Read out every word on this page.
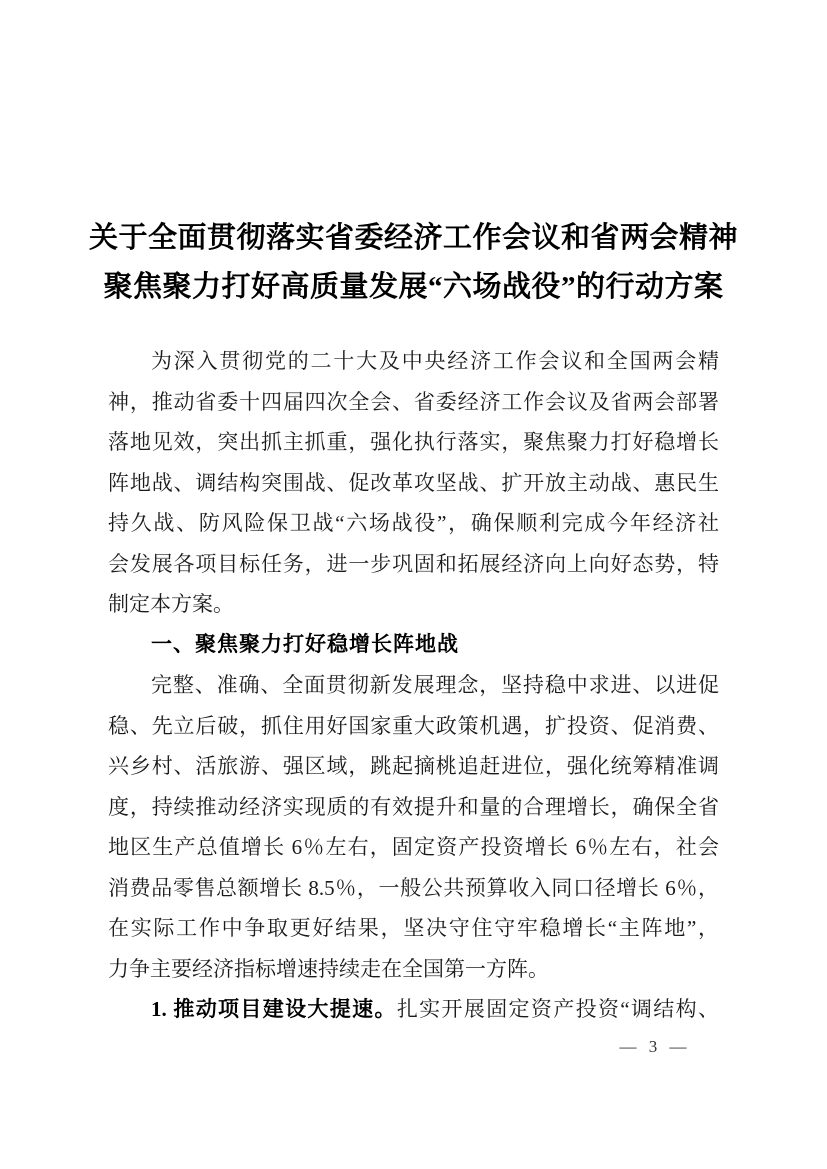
关于全面贯彻落实省委经济工作会议和省两会精神
聚焦聚力打好高质量发展“六场战役”的行动方案
为深入贯彻党的二十大及中央经济工作会议和全国两会精
神，推动省委十四届四次全会、省委经济工作会议及省两会部署
落地见效，突出抓主抓重，强化执行落实，聚焦聚力打好稳增长
阵地战、调结构突围战、促改革攻坚战、扩开放主动战、惠民生
持久战、防风险保卫战“六场战役”，确保顺利完成今年经济社
会发展各项目标任务，进一步巩固和拓展经济向上向好态势，特
制定本方案。
一、聚焦聚力打好稳增长阵地战
完整、准确、全面贯彻新发展理念，坚持稳中求进、以进促
稳、先立后破，抓住用好国家重大政策机遇，扩投资、促消费、
兴乡村、活旅游、强区域，跳起摘桃追赶进位，强化统筹精准调
度，持续推动经济实现质的有效提升和量的合理增长，确保全省
地区生产总值增长 6％左右，固定资产投资增长 6％左右，社会
消费品零售总额增长 8.5％，一般公共预算收入同口径增长 6％，
在实际工作中争取更好结果，坚决守住守牢稳增长“主阵地”，
力争主要经济指标增速持续走在全国第一方阵。
1. 推动项目建设大提速。扎实开展固定资产投资“调结构、
— 3 —
